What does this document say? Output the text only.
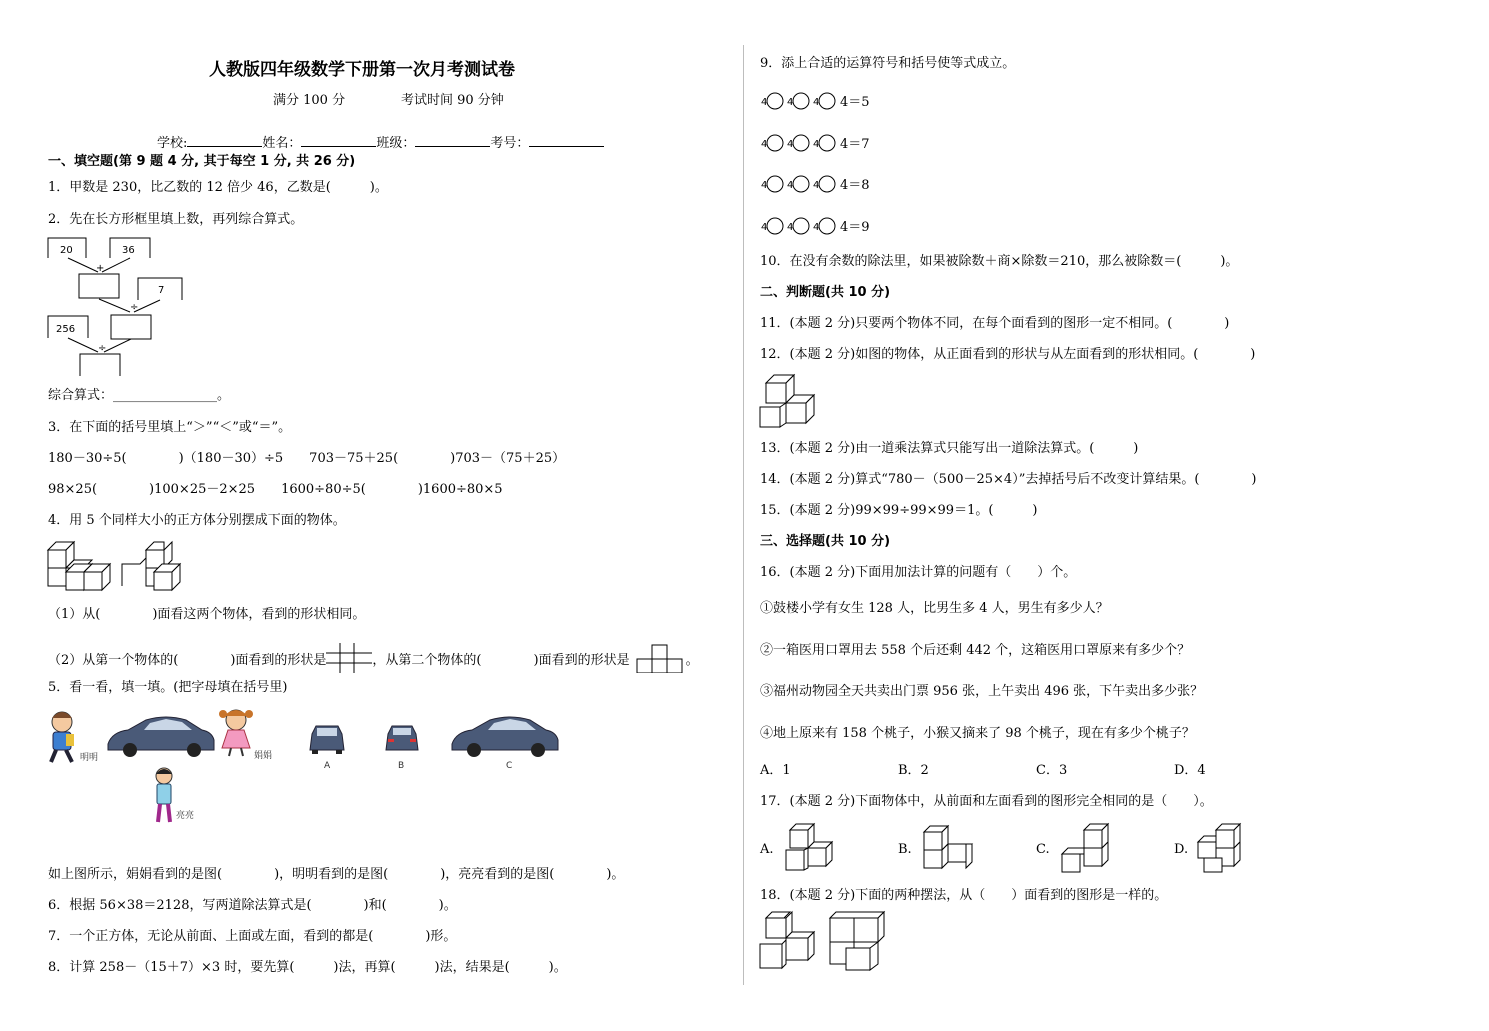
人教版四年级数学下册第一次月考测试卷
满分 100 分	考试时间 90 分钟
学校:	姓名：	班级：	考号：
一、填空题(第 9 题 4 分, 其于每空 1 分, 共 26 分)
1．甲数是 230，比乙数的 12 倍少 46，乙数是(　　　)。
2．先在长方形框里填上数，再列综合算式。
20	36
+
7
÷
256
÷
综合算式：________________。
3．在下面的括号里填上“＞”“＜”或“＝”。
180－30÷5(　　　　)（180－30）÷5　　703－75＋25(　　　　)703－（75＋25）
98×25(　　　　)100×25－2×25　　1600÷80÷5(　　　　)1600÷80×5
4．用 5 个同样大小的正方体分别摆成下面的物体。
（1）从(　　　　)面看这两个物体，看到的形状相同。
（2）从第一个物体的(　　　　)面看到的形状是	，从第二个物体的(　　　　)面看到的形状是	。
5．看一看，填一填。(把字母填在括号里)
明明	娟娟
A	B	C
亮亮
如上图所示，娟娟看到的是图(　　　　)，明明看到的是图(　　　　)，亮亮看到的是图(　　　　)。
6．根据 56×38＝2128，写两道除法算式是(　　　　)和(　　　　)。
7．一个正方体，无论从前面、上面或左面，看到的都是(　　　　)形。
8．计算 258－（15＋7）×3 时，要先算(　　　)法，再算(　　　)法，结果是(　　　)。
9．添上合适的运算符号和括号使等式成立。
4 4 4 4＝5
4 4 4 4＝7
4 4 4 4＝8
4 4 4 4＝9
10．在没有余数的除法里，如果被除数＋商×除数＝210，那么被除数＝(　　　)。
二、判断题(共 10 分)
11．(本题 2 分)只要两个物体不同，在每个面看到的图形一定不相同。(　　　　)
12．(本题 2 分)如图的物体，从正面看到的形状与从左面看到的形状相同。(　　　　)
13．(本题 2 分)由一道乘法算式只能写出一道除法算式。(　　　)
14．(本题 2 分)算式“780－（500－25×4）”去掉括号后不改变计算结果。(　　　　)
15．(本题 2 分)99×99÷99×99＝1。(　　　)
三、选择题(共 10 分)
16．(本题 2 分)下面用加法计算的问题有（　　）个。
①鼓楼小学有女生 128 人，比男生多 4 人，男生有多少人？
②一箱医用口罩用去 558 个后还剩 442 个，这箱医用口罩原来有多少个？
③福州动物园全天共卖出门票 956 张，上午卖出 496 张，下午卖出多少张？
④地上原来有 158 个桃子，小猴又摘来了 98 个桃子，现在有多少个桃子？
A．1	B．2	C．3	D．4
17．(本题 2 分)下面物体中，从前面和左面看到的图形完全相同的是（　　）。
A.	B.	C.	D.
18．(本题 2 分)下面的两种摆法，从（　　）面看到的图形是一样的。
